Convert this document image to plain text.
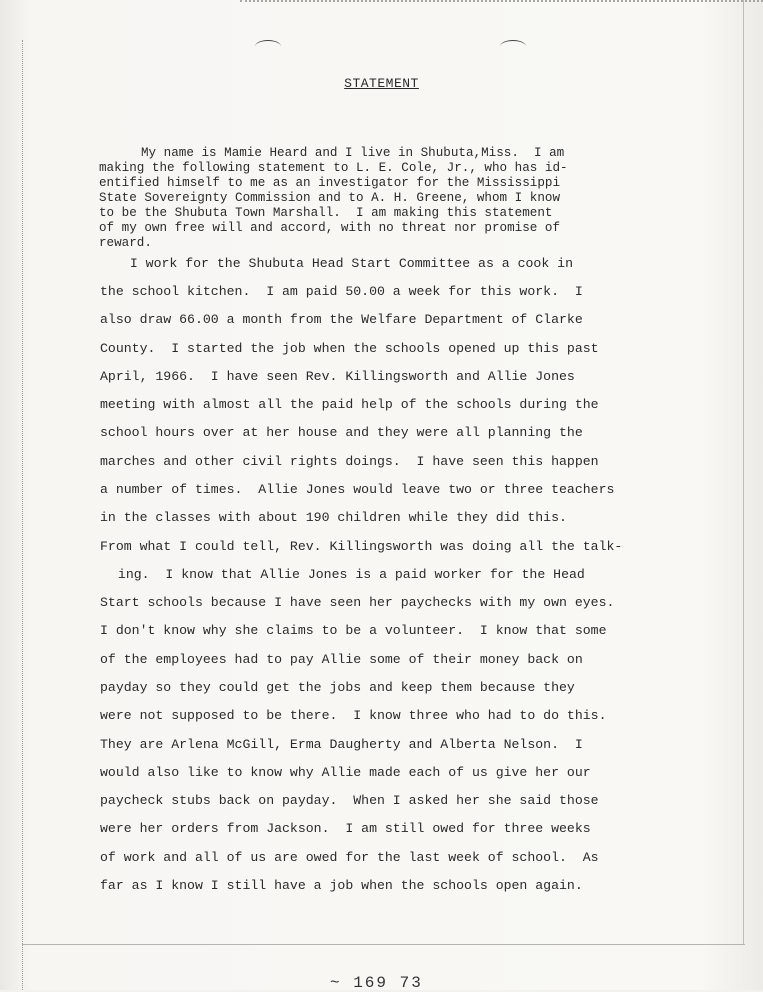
STATEMENT
My name is Mamie Heard and I live in Shubuta,Miss.  I am
making the following statement to L. E. Cole, Jr., who has id-
entified himself to me as an investigator for the Mississippi
State Sovereignty Commission and to A. H. Greene, whom I know
to be the Shubuta Town Marshall.  I am making this statement
of my own free will and accord, with no threat nor promise of
reward.
I work for the Shubuta Head Start Committee as a cook in
the school kitchen.  I am paid 50.00 a week for this work.  I
also draw 66.00 a month from the Welfare Department of Clarke
County.  I started the job when the schools opened up this past
April, 1966.  I have seen Rev. Killingsworth and Allie Jones
meeting with almost all the paid help of the schools during the
school hours over at her house and they were all planning the
marches and other civil rights doings.  I have seen this happen
a number of times.  Allie Jones would leave two or three teachers
in the classes with about 190 children while they did this.
From what I could tell, Rev. Killingsworth was doing all the talk-
ing.  I know that Allie Jones is a paid worker for the Head
Start schools because I have seen her paychecks with my own eyes.
I don't know why she claims to be a volunteer.  I know that some
of the employees had to pay Allie some of their money back on
payday so they could get the jobs and keep them because they
were not supposed to be there.  I know three who had to do this.
They are Arlena McGill, Erma Daugherty and Alberta Nelson.  I
would also like to know why Allie made each of us give her our
paycheck stubs back on payday.  When I asked her she said those
were her orders from Jackson.  I am still owed for three weeks
of work and all of us are owed for the last week of school.  As
far as I know I still have a job when the schools open again.
~ 169 73
